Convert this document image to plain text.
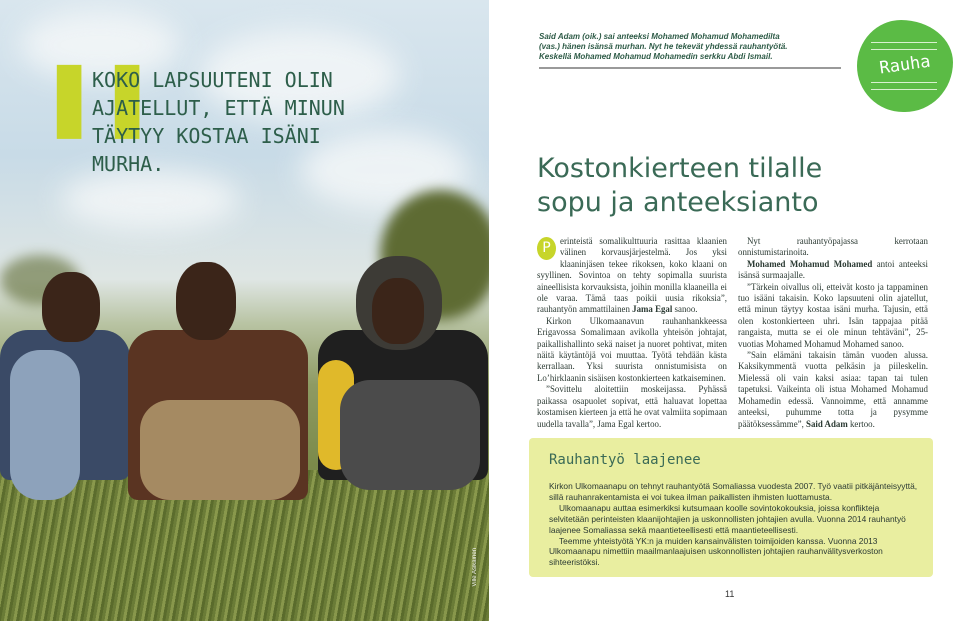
❚❚

KOKO LAPSUUTENI OLIN AJATELLUT, ETTÄ MINUN TÄYTYY KOSTAA ISÄNI MURHA.

Ville Asikainen

Said Adam (oik.) sai anteeksi Mohamed Mohamud Mohamedilta (vas.) hänen isänsä murhan. Nyt he tekevät yhdessä rauhantyötä. Keskellä Mohamed Mohamud Mohamedin serkku Abdi Ismail.	Rauha
Kostonkierteen tilalle sopu ja anteeksianto

P	erinteistä somalikulttuuria rasittaa klaanien välinen korvausjärjestelmä. Jos yksi klaaninjäsen tekee rikoksen, koko klaani on syyllinen. Sovintoa on tehty sopimalla suurista aineellisista korvauksista, joihin monilla klaaneilla ei ole varaa. Tämä taas poikii uusia rikoksia”, rauhantyön ammattilainen Jama Egal sanoo.

Kirkon Ulkomaanavun rauhanhankkeessa Erigavossa Somalimaan avikolla yhteisön johtajat, paikallishallinto sekä naiset ja nuoret pohtivat, miten näitä käytäntöjä voi muuttaa. Työtä tehdään kästa kerrallaan. Yksi suurista onnistumisista on Lo’hirklaanin sisäisen kostonkierteen katkaiseminen.

”Sovittelu aloitettiin moskeijassa. Pyhässä paikassa osapuolet sopivat, että haluavat lopettaa kostamisen kierteen ja että he ovat valmiita sopimaan uudella tavalla”, Jama Egal kertoo.

Nyt rauhantyöpajassa kerrotaan onnistumistarinoita.

Mohamed Mohamud Mohamed antoi anteeksi isänsä surmaajalle.

”Tärkein oivallus oli, etteivät kosto ja tappaminen tuo isääni takaisin. Koko lapsuuteni olin ajatellut, että minun täytyy kostaa isäni murha. Tajusin, että olen kostonkierteen uhri. Isän tappajaa pitää rangaista, mutta se ei ole minun tehtäväni”, 25-vuotias Mohamed Mohamud Mohamed sanoo.

”Sain elämäni takaisin tämän vuoden alussa. Kaksikymmentä vuotta pelkäsin ja piileskelin. Mielessä oli vain kaksi asiaa: tapan tai tulen tapetuksi. Vaikeinta oli istua Mohamed Mohamud Mohamedin edessä. Vannoimme, että annamme anteeksi, puhumme totta ja pysymme päätöksessämme”, Said Adam kertoo.

Rauhantyö laajenee

Kirkon Ulkomaanapu on tehnyt rauhantyötä Somaliassa vuodesta 2007. Työ vaatii pitkäjänteisyyttä, sillä rauhanrakentamista ei voi tukea ilman paikallisten ihmisten luottamusta.

Ulkomaanapu auttaa esimerkiksi kutsumaan koolle sovintokokouksia, joissa konflikteja selvitetään perinteisten klaanijohtajien ja uskonnollisten johtajien avulla. Vuonna 2014 rauhantyö laajenee Somaliassa sekä maantieteellisesti että maantieteellisesti.

Teemme yhteistyötä YK:n ja muiden kansainvälisten toimijoiden kanssa. Vuonna 2013 Ulkomaanapu nimettiin maailmanlaajuisen uskonnollisten johtajien rauhanvälitysverkoston sihteeristöksi.

11
